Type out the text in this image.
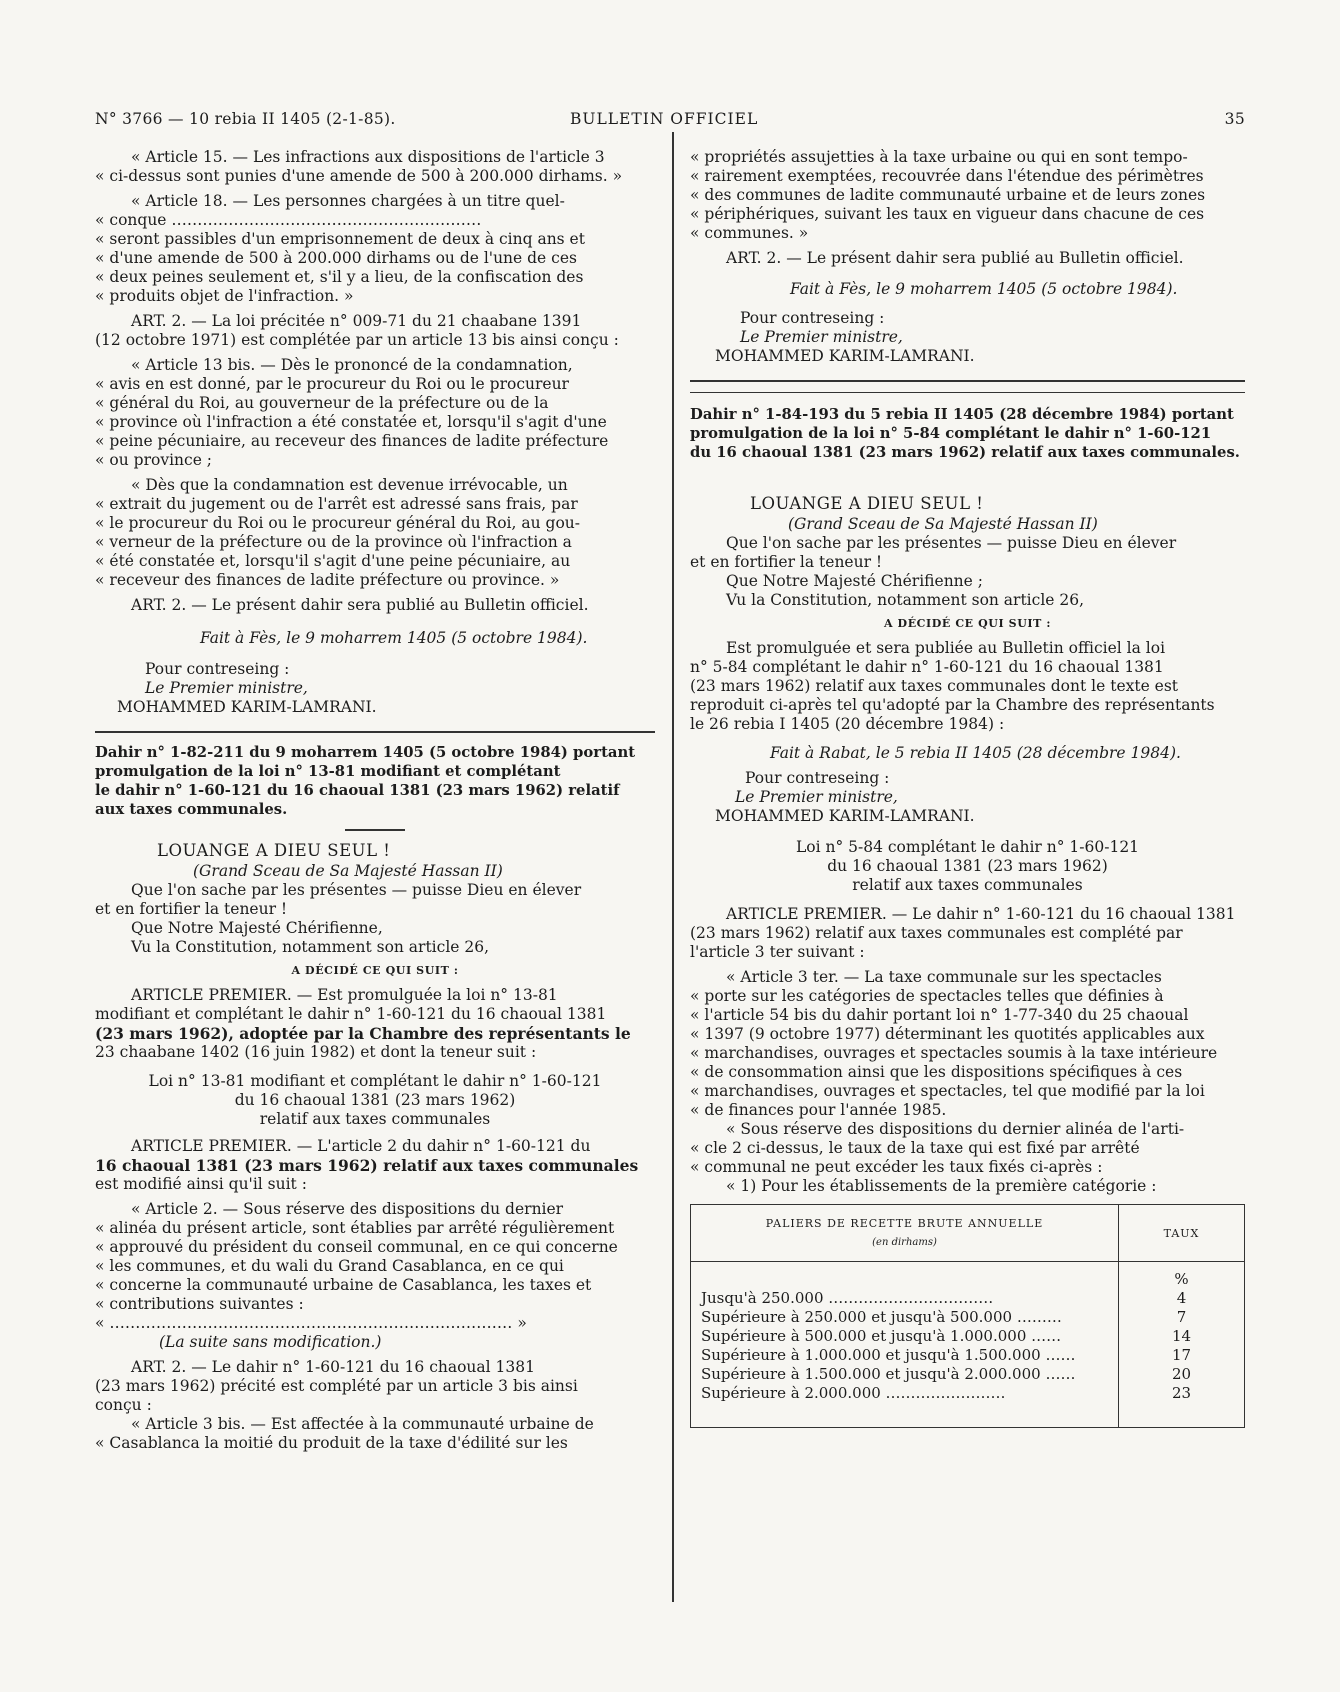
N° 3766 — 10 rebia II 1405 (2-1-85).	BULLETIN OFFICIEL	35
« Article 15. — Les infractions aux dispositions de l'article 3

« ci-dessus sont punies d'une amende de 500 à 200.000 dirhams. »

« Article 18. — Les personnes chargées à un titre quel-
« conque ……………………………………………………
« seront passibles d'un emprisonnement de deux à cinq ans et
« d'une amende de 500 à 200.000 dirhams ou de l'une de ces
« deux peines seulement et, s'il y a lieu, de la confiscation des
« produits objet de l'infraction. »
ART. 2. — La loi précitée n° 009-71 du 21 chaabane 1391
(12 octobre 1971) est complétée par un article 13 bis ainsi conçu :
« Article 13 bis. — Dès le prononcé de la condamnation,
« avis en est donné, par le procureur du Roi ou le procureur
« général du Roi, au gouverneur de la préfecture ou de la
« province où l'infraction a été constatée et, lorsqu'il s'agit d'une
« peine pécuniaire, au receveur des finances de ladite préfecture
« ou province ;
« Dès que la condamnation est devenue irrévocable, un
« extrait du jugement ou de l'arrêt est adressé sans frais, par
« le procureur du Roi ou le procureur général du Roi, au gou-
« verneur de la préfecture ou de la province où l'infraction a
« été constatée et, lorsqu'il s'agit d'une peine pécuniaire, au
« receveur des finances de ladite préfecture ou province. »
ART. 2. — Le présent dahir sera publié au Bulletin officiel.
Fait à Fès, le 9 moharrem 1405 (5 octobre 1984).
Pour contreseing :
Le Premier ministre,
MOHAMMED KARIM-LAMRANI.
Dahir n° 1-82-211 du 9 moharrem 1405 (5 octobre 1984) portant
promulgation de la loi n° 13-81 modifiant et complétant
le dahir n° 1-60-121 du 16 chaoual 1381 (23 mars 1962) relatif
aux taxes communales.
LOUANGE A DIEU SEUL !
(Grand Sceau de Sa Majesté Hassan II)
Que l'on sache par les présentes — puisse Dieu en élever
et en fortifier la teneur !
Que Notre Majesté Chérifienne,
Vu la Constitution, notamment son article 26,
A DÉCIDÉ CE QUI SUIT :
ARTICLE PREMIER. — Est promulguée la loi n° 13-81
modifiant et complétant le dahir n° 1-60-121 du 16 chaoual 1381
(23 mars 1962), adoptée par la Chambre des représentants le
23 chaabane 1402 (16 juin 1982) et dont la teneur suit :
Loi n° 13-81 modifiant et complétant le dahir n° 1-60-121
du 16 chaoual 1381 (23 mars 1962)
relatif aux taxes communales
ARTICLE PREMIER. — L'article 2 du dahir n° 1-60-121 du
16 chaoual 1381 (23 mars 1962) relatif aux taxes communales
est modifié ainsi qu'il suit :
« Article 2. — Sous réserve des dispositions du dernier
« alinéa du présent article, sont établies par arrêté régulièrement
« approuvé du président du conseil communal, en ce qui concerne
« les communes, et du wali du Grand Casablanca, en ce qui
« concerne la communauté urbaine de Casablanca, les taxes et
« contributions suivantes :
« …………………………………………………………………… »
(La suite sans modification.)
ART. 2. — Le dahir n° 1-60-121 du 16 chaoual 1381
(23 mars 1962) précité est complété par un article 3 bis ainsi
conçu :
« Article 3 bis. — Est affectée à la communauté urbaine de
« Casablanca la moitié du produit de la taxe d'édilité sur les
« propriétés assujetties à la taxe urbaine ou qui en sont tempo-
« rairement exemptées, recouvrée dans l'étendue des périmètres
« des communes de ladite communauté urbaine et de leurs zones
« périphériques, suivant les taux en vigueur dans chacune de ces
« communes. »
ART. 2. — Le présent dahir sera publié au Bulletin officiel.
Fait à Fès, le 9 moharrem 1405 (5 octobre 1984).
Pour contreseing :
Le Premier ministre,
MOHAMMED KARIM-LAMRANI.
Dahir n° 1-84-193 du 5 rebia II 1405 (28 décembre 1984) portant
promulgation de la loi n° 5-84 complétant le dahir n° 1-60-121
du 16 chaoual 1381 (23 mars 1962) relatif aux taxes communales.
LOUANGE A DIEU SEUL !
(Grand Sceau de Sa Majesté Hassan II)
Que l'on sache par les présentes — puisse Dieu en élever
et en fortifier la teneur !
Que Notre Majesté Chérifienne ;
Vu la Constitution, notamment son article 26,
A DÉCIDÉ CE QUI SUIT :
Est promulguée et sera publiée au Bulletin officiel la loi
n° 5-84 complétant le dahir n° 1-60-121 du 16 chaoual 1381
(23 mars 1962) relatif aux taxes communales dont le texte est
reproduit ci-après tel qu'adopté par la Chambre des représentants
le 26 rebia I 1405 (20 décembre 1984) :
Fait à Rabat, le 5 rebia II 1405 (28 décembre 1984).
Pour contreseing :
Le Premier ministre,
MOHAMMED KARIM-LAMRANI.
Loi n° 5-84 complétant le dahir n° 1-60-121
du 16 chaoual 1381 (23 mars 1962)
relatif aux taxes communales
ARTICLE PREMIER. — Le dahir n° 1-60-121 du 16 chaoual 1381
(23 mars 1962) relatif aux taxes communales est complété par
l'article 3 ter suivant :
« Article 3 ter. — La taxe communale sur les spectacles
« porte sur les catégories de spectacles telles que définies à
« l'article 54 bis du dahir portant loi n° 1-77-340 du 25 chaoual
« 1397 (9 octobre 1977) déterminant les quotités applicables aux
« marchandises, ouvrages et spectacles soumis à la taxe intérieure
« de consommation ainsi que les dispositions spécifiques à ces
« marchandises, ouvrages et spectacles, tel que modifié par la loi
« de finances pour l'année 1985.
« Sous réserve des dispositions du dernier alinéa de l'arti-
« cle 2 ci-dessus, le taux de la taxe qui est fixé par arrêté
« communal ne peut excéder les taux fixés ci-après :
« 1) Pour les établissements de la première catégorie :
PALIERS DE RECETTE BRUTE ANNUELLE
(en dirhams)	TAUX
	%
Jusqu'à 250.000 ……………………………	4
Supérieure à 250.000 et jusqu'à 500.000 ………	7
Supérieure à 500.000 et jusqu'à 1.000.000 ……	14
Supérieure à 1.000.000 et jusqu'à 1.500.000 ……	17
Supérieure à 1.500.000 et jusqu'à 2.000.000 ……	20
Supérieure à 2.000.000 ……………………	23
